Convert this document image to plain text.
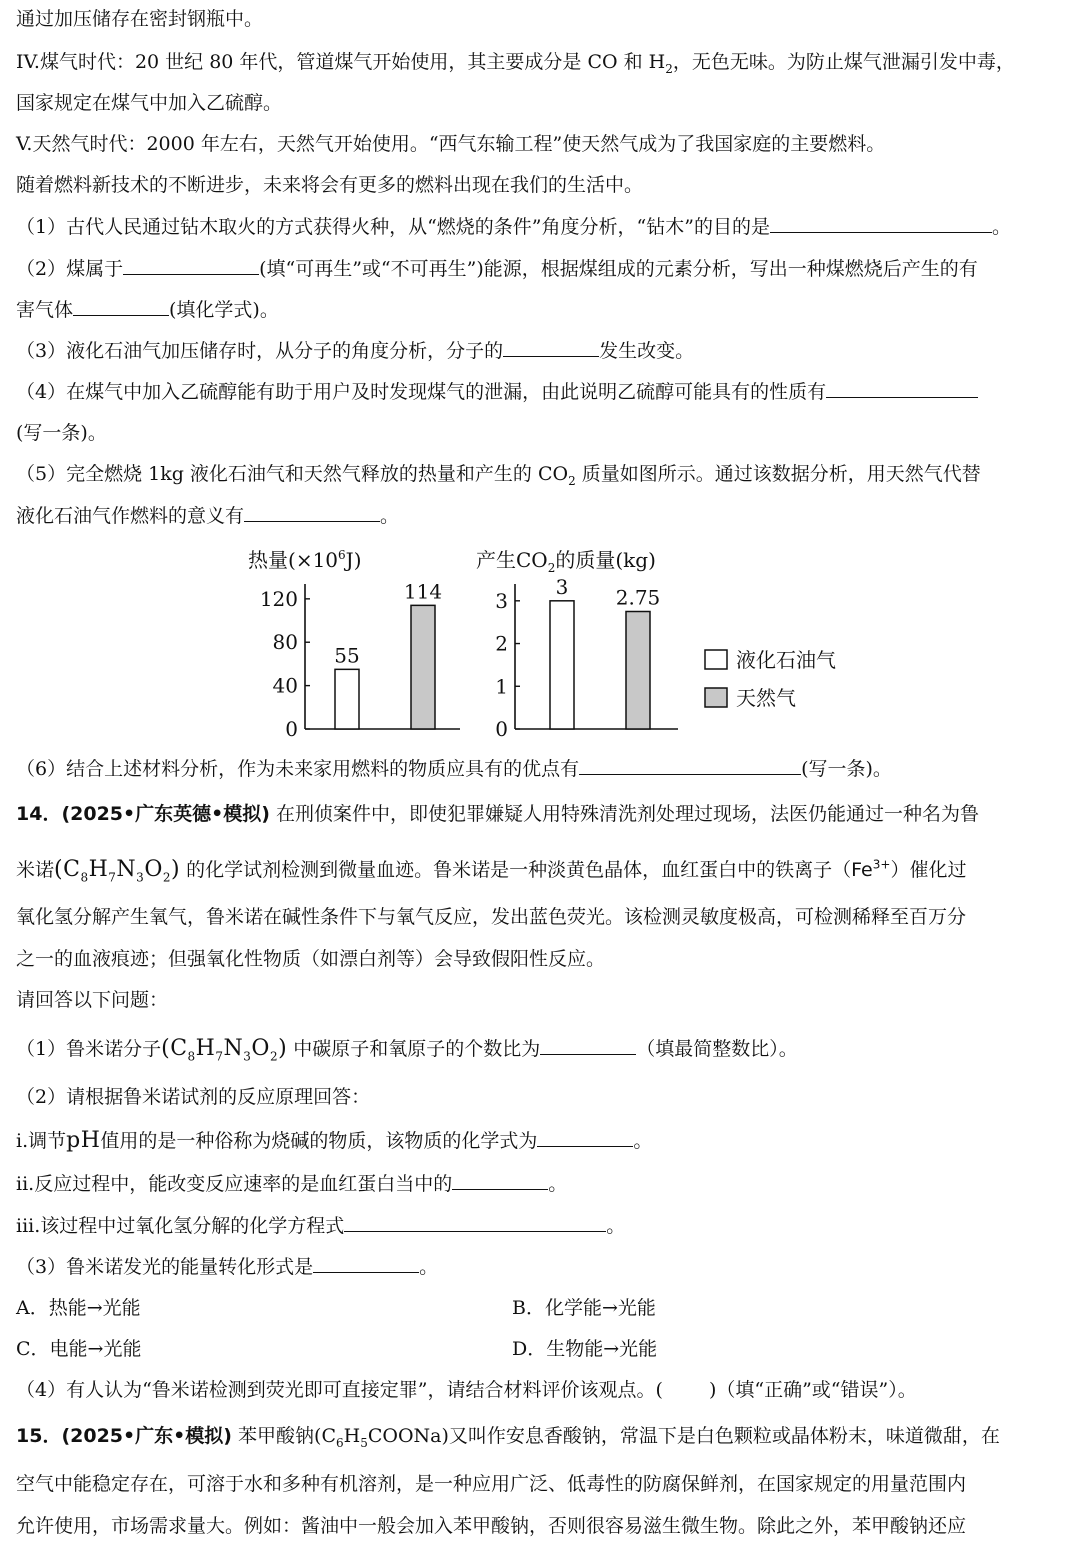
通过加压储存在密封钢瓶中。
IV.煤气时代：20 世纪 80 年代，管道煤气开始使用，其主要成分是 CO 和 $H_2$，无色无味。为防止煤气泄漏引发中毒，
国家规定在煤气中加入乙硫醇。
V.天然气时代：2000 年左右，天然气开始使用。“西气东输工程”使天然气成为了我国家庭的主要燃料。
随着燃料新技术的不断进步，未来将会有更多的燃料出现在我们的生活中。
（1）古代人民通过钻木取火的方式获得火种，从“燃烧的条件”角度分析，“钻木”的目的是	。
（2）煤属于	(填“可再生”或“不可再生”)能源，根据煤组成的元素分析，写出一种煤燃烧后产生的有
害气体	(填化学式)。
（3）液化石油气加压储存时，从分子的角度分析，分子的	发生改变。
（4）在煤气中加入乙硫醇能有助于用户及时发现煤气的泄漏，由此说明乙硫醇可能具有的性质有
(写一条)。
（5）完全燃烧 1kg 液化石油气和天然气释放的热量和产生的 $CO_2$ 质量如图所示。通过该数据分析，用天然气代替
液化石油气作燃料的意义有	。
热量$(\times 10^6J)$
0
40
80
120
55
114
产生$CO_2$的质量(kg)
0
1
2
3
3 2.75
液化石油气
天然气
（6）结合上述材料分析，作为未来家用燃料的物质应具有的优点有	(写一条)。
14．(2025•广东英德•模拟) 在刑侦案件中，即使犯罪嫌疑人用特殊清洗剂处理过现场，法医仍能通过一种名为鲁
米诺$(C_8H_7N_3O_2)$ 的化学试剂检测到微量血迹。鲁米诺是一种淡黄色晶体，血红蛋白中的铁离子$(Fe^{3+})$催化过
氧化氢分解产生氧气，鲁米诺在碱性条件下与氧气反应，发出蓝色荧光。该检测灵敏度极高，可检测稀释至百万分
之一的血液痕迹；但强氧化性物质（如漂白剂等）会导致假阳性反应。
请回答以下问题：
（1）鲁米诺分子$(C_8H_7N_3O_2)$ 中碳原子和氧原子的个数比为	（填最简整数比）。
（2）请根据鲁米诺试剂的反应原理回答：
i.调节pH值用的是一种俗称为烧碱的物质，该物质的化学式为	。
ii.反应过程中，能改变反应速率的是血红蛋白当中的	。
iii.该过程中过氧化氢分解的化学方程式	。
（3）鲁米诺发光的能量转化形式是	。
A．热能→光能	B．化学能→光能
C．电能→光能	D．生物能→光能
（4）有人认为“鲁米诺检测到荧光即可直接定罪”，请结合材料评价该观点。( )（填“正确”或“错误”）。
15．(2025•广东•模拟) 苯甲酸钠$(C_6H_5COONa)$又叫作安息香酸钠，常温下是白色颗粒或晶体粉末，味道微甜，在
空气中能稳定存在，可溶于水和多种有机溶剂，是一种应用广泛、低毒性的防腐保鲜剂，在国家规定的用量范围内
允许使用，市场需求量大。例如：酱油中一般会加入苯甲酸钠，否则很容易滋生微生物。除此之外，苯甲酸钠还应
